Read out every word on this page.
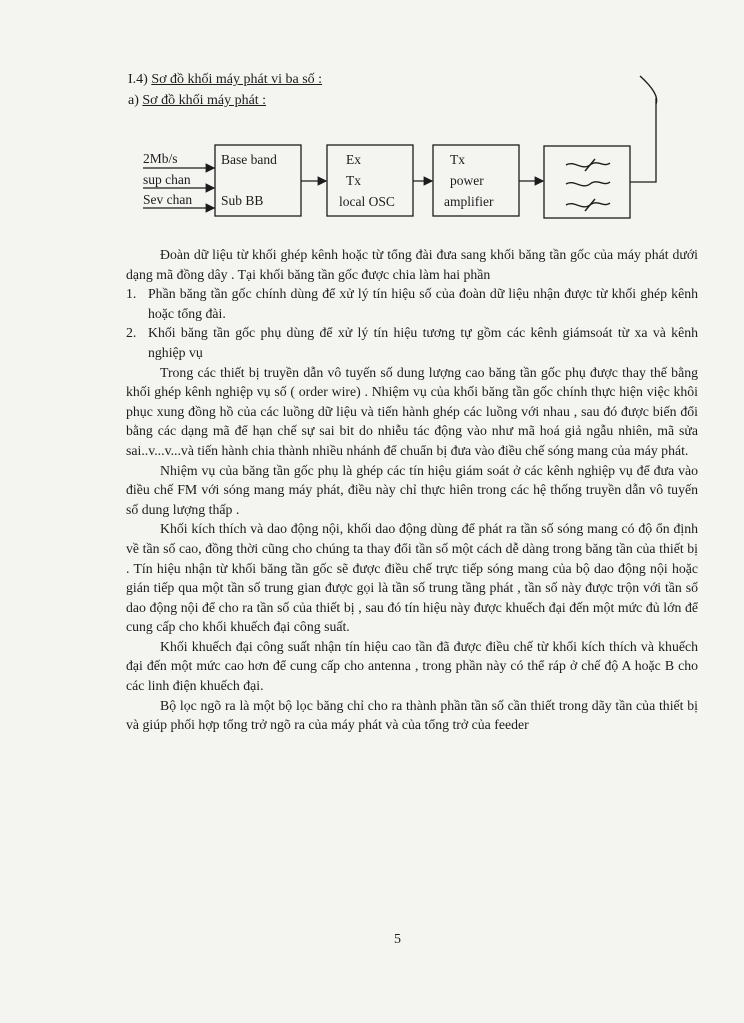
I.4) Sơ đồ khối máy phát vi ba số :
a) Sơ đồ khối máy phát :
2Mb/s
sup chan
Sev chan
Base band
Sub BB
Ex
Tx
local OSC
Tx
power
amplifier

Đoàn dữ liệu từ khối ghép kênh hoặc từ tổng đài đưa sang khối băng tần gốc của máy phát dưới dạng mã đồng dây . Tại khối băng tần gốc được chia làm hai phần

1. Phần băng tần gốc chính dùng để xử lý tín hiệu số của đoàn dữ liệu nhận được từ khối ghép kênh hoặc tổng đài.
2. Khối băng tần gốc phụ dùng để xử lý tín hiệu tương tự gồm các kênh giámsoát từ xa và kênh nghiệp vụ

Trong các thiết bị truyền dẫn vô tuyến số dung lượng cao băng tần gốc phụ được thay thế bằng khối ghép kênh nghiệp vụ số ( order wire) . Nhiệm vụ của khối băng tần gốc chính thực hiện việc khôi phục xung đồng hồ của các luồng dữ liệu và tiến hành ghép các luồng với nhau , sau đó được biến đổi bằng các dạng mã để hạn chế sự sai bit do nhiễu tác động vào như mã hoá giả ngẫu nhiên, mã sửa sai..v...v...và tiến hành chia thành nhiều nhánh để chuẩn bị đưa vào điều chế sóng mang của máy phát.

Nhiệm vụ của băng tần gốc phụ là ghép các tín hiệu giám soát ở các kênh nghiệp vụ để đưa vào điều chế FM với sóng mang máy phát, điều này chỉ thực hiên trong các hệ thống truyền dẫn vô tuyến số dung lượng thấp .

Khối kích thích và dao động nội, khối dao động dùng để phát ra tần số sóng mang có độ ổn định về tần số cao, đồng thời cũng cho chúng ta thay đổi tần số một cách dễ dàng trong băng tần của thiết bị . Tín hiệu nhận từ khối băng tần gốc sẽ được điều chế trực tiếp sóng mang của bộ dao động nội hoặc gián tiếp qua một tần số trung gian được gọi là tần số trung tầng phát , tần số này được trộn với tần số dao động nội để cho ra tần số của thiết bị , sau đó tín hiệu này được khuếch đại đến một mức đủ lớn để cung cấp cho khối khuếch đại công suất.

Khối khuếch đại công suất nhận tín hiệu cao tần đã được điều chế từ khối kích thích và khuếch đại đến một mức cao hơn để cung cấp cho antenna , trong phần này có thể ráp ở chế độ A hoặc B cho các linh điện khuếch đại.

Bộ lọc ngõ ra là một bộ lọc băng chỉ cho ra thành phần tần số cần thiết trong dãy tần của thiết bị và giúp phối hợp tổng trở ngõ ra của máy phát và của tổng trở của feeder

5
